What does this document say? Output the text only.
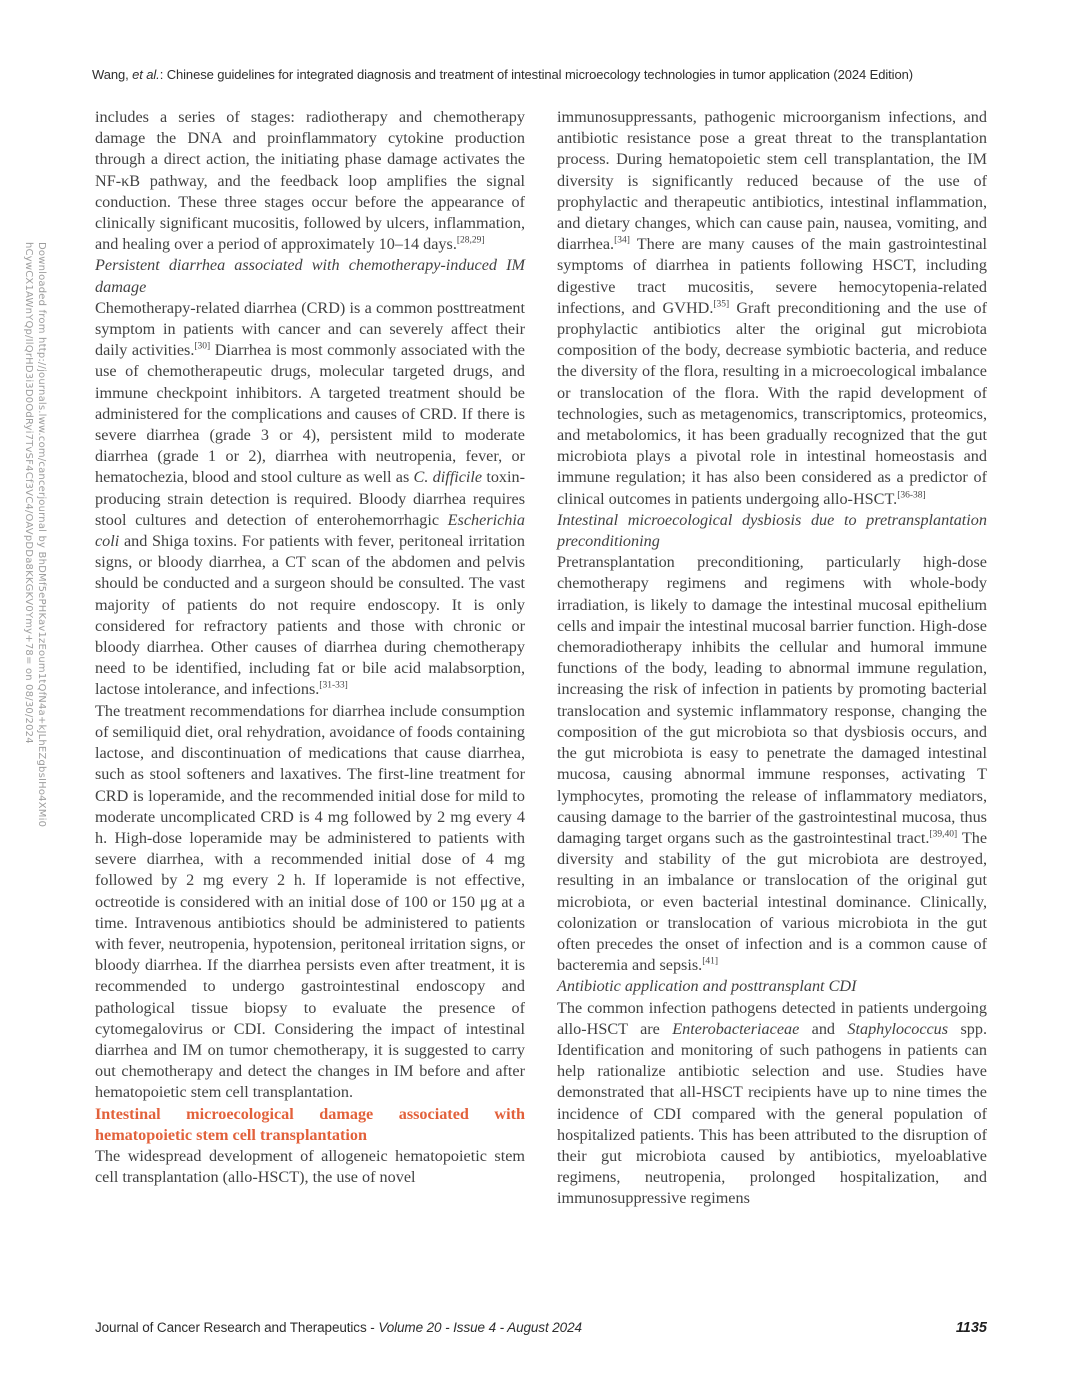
Downloaded from http://journals.lww.com/cancerjournal by BhDMf5ePHKav1zEoum1tQfN4a+kJLhEZgbsIHo4XMi0
hCywCX1AWnYQp/IlQrHD3i3D0OdRyi7TvSF4Cf3VC4/OAVpDDa8KKGKV0Ymy+78= on 08/30/2024
Wang, et al.: Chinese guidelines for integrated diagnosis and treatment of intestinal microecology technologies in tumor application (2024 Edition)

includes a series of stages: radiotherapy and chemotherapy damage the DNA and proinflammatory cytokine production through a direct action, the initiating phase damage activates the NF-κB pathway, and the feedback loop amplifies the signal conduction. These three stages occur before the appearance of clinically significant mucositis, followed by ulcers, inflammation, and healing over a period of approximately 10–14 days.[28,29]

Persistent diarrhea associated with chemotherapy-induced IM damage

Chemotherapy-related diarrhea (CRD) is a common posttreatment symptom in patients with cancer and can severely affect their daily activities.[30] Diarrhea is most commonly associated with the use of chemotherapeutic drugs, molecular targeted drugs, and immune checkpoint inhibitors. A targeted treatment should be administered for the complications and causes of CRD. If there is severe diarrhea (grade 3 or 4), persistent mild to moderate diarrhea (grade 1 or 2), diarrhea with neutropenia, fever, or hematochezia, blood and stool culture as well as C. difficile toxin-producing strain detection is required. Bloody diarrhea requires stool cultures and detection of enterohemorrhagic Escherichia coli and Shiga toxins. For patients with fever, peritoneal irritation signs, or bloody diarrhea, a CT scan of the abdomen and pelvis should be conducted and a surgeon should be consulted. The vast majority of patients do not require endoscopy. It is only considered for refractory patients and those with chronic or bloody diarrhea. Other causes of diarrhea during chemotherapy need to be identified, including fat or bile acid malabsorption, lactose intolerance, and infections.[31-33]

The treatment recommendations for diarrhea include consumption of semiliquid diet, oral rehydration, avoidance of foods containing lactose, and discontinuation of medications that cause diarrhea, such as stool softeners and laxatives. The first-line treatment for CRD is loperamide, and the recommended initial dose for mild to moderate uncomplicated CRD is 4 mg followed by 2 mg every 4 h. High-dose loperamide may be administered to patients with severe diarrhea, with a recommended initial dose of 4 mg followed by 2 mg every 2 h. If loperamide is not effective, octreotide is considered with an initial dose of 100 or 150 μg at a time. Intravenous antibiotics should be administered to patients with fever, neutropenia, hypotension, peritoneal irritation signs, or bloody diarrhea. If the diarrhea persists even after treatment, it is recommended to undergo gastrointestinal endoscopy and pathological tissue biopsy to evaluate the presence of cytomegalovirus or CDI. Considering the impact of intestinal diarrhea and IM on tumor chemotherapy, it is suggested to carry out chemotherapy and detect the changes in IM before and after hematopoietic stem cell transplantation.

Intestinal microecological damage associated with hematopoietic stem cell transplantation

The widespread development of allogeneic hematopoietic stem cell transplantation (allo-HSCT), the use of novel

immunosuppressants, pathogenic microorganism infections, and antibiotic resistance pose a great threat to the transplantation process. During hematopoietic stem cell transplantation, the IM diversity is significantly reduced because of the use of prophylactic and therapeutic antibiotics, intestinal inflammation, and dietary changes, which can cause pain, nausea, vomiting, and diarrhea.[34] There are many causes of the main gastrointestinal symptoms of diarrhea in patients following HSCT, including digestive tract mucositis, severe hemocytopenia-related infections, and GVHD.[35] Graft preconditioning and the use of prophylactic antibiotics alter the original gut microbiota composition of the body, decrease symbiotic bacteria, and reduce the diversity of the flora, resulting in a microecological imbalance or translocation of the flora. With the rapid development of technologies, such as metagenomics, transcriptomics, proteomics, and metabolomics, it has been gradually recognized that the gut microbiota plays a pivotal role in intestinal homeostasis and immune regulation; it has also been considered as a predictor of clinical outcomes in patients undergoing allo-HSCT.[36-38]

Intestinal microecological dysbiosis due to pretransplantation preconditioning

Pretransplantation preconditioning, particularly high-dose chemotherapy regimens and regimens with whole-body irradiation, is likely to damage the intestinal mucosal epithelium cells and impair the intestinal mucosal barrier function. High-dose chemoradiotherapy inhibits the cellular and humoral immune functions of the body, leading to abnormal immune regulation, increasing the risk of infection in patients by promoting bacterial translocation and systemic inflammatory response, changing the composition of the gut microbiota so that dysbiosis occurs, and the gut microbiota is easy to penetrate the damaged intestinal mucosa, causing abnormal immune responses, activating T lymphocytes, promoting the release of inflammatory mediators, causing damage to the barrier of the gastrointestinal mucosa, thus damaging target organs such as the gastrointestinal tract.[39,40] The diversity and stability of the gut microbiota are destroyed, resulting in an imbalance or translocation of the original gut microbiota, or even bacterial intestinal dominance. Clinically, colonization or translocation of various microbiota in the gut often precedes the onset of infection and is a common cause of bacteremia and sepsis.[41]

Antibiotic application and posttransplant CDI

The common infection pathogens detected in patients undergoing allo-HSCT are Enterobacteriaceae and Staphylococcus spp. Identification and monitoring of such pathogens in patients can help rationalize antibiotic selection and use. Studies have demonstrated that all-HSCT recipients have up to nine times the incidence of CDI compared with the general population of hospitalized patients. This has been attributed to the disruption of their gut microbiota caused by antibiotics, myeloablative regimens, neutropenia, prolonged hospitalization, and immunosuppressive regimens

Journal of Cancer Research and Therapeutics - Volume 20 - Issue 4 - August 2024	1135
